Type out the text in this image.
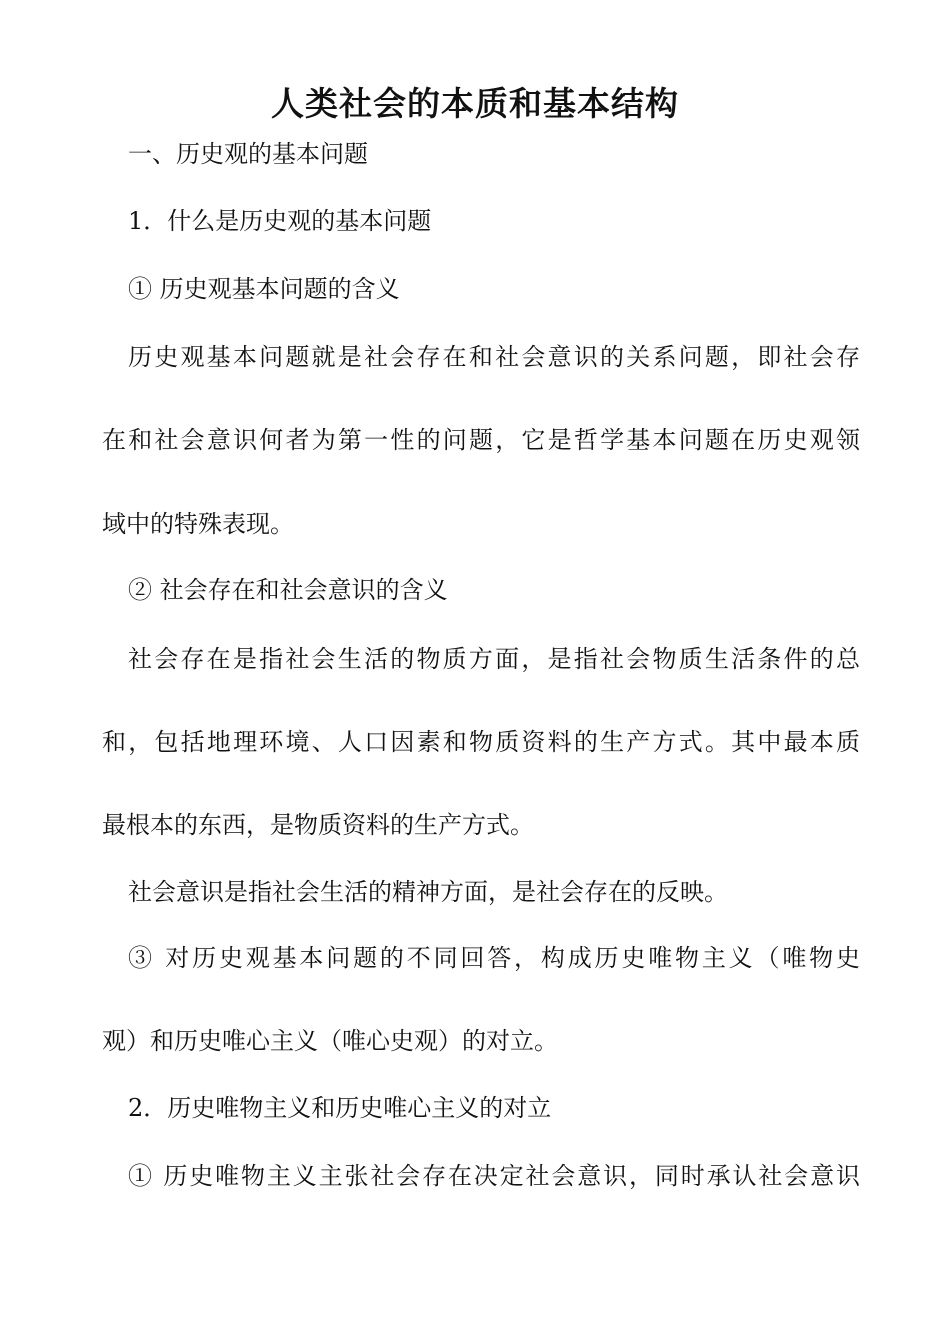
人类社会的本质和基本结构
一、历史观的基本问题
1．什么是历史观的基本问题
① 历史观基本问题的含义
历史观基本问题就是社会存在和社会意识的关系问题，即社会存
在和社会意识何者为第一性的问题，它是哲学基本问题在历史观领
域中的特殊表现。
② 社会存在和社会意识的含义
社会存在是指社会生活的物质方面，是指社会物质生活条件的总
和，包括地理环境、人口因素和物质资料的生产方式。其中最本质
最根本的东西，是物质资料的生产方式。
社会意识是指社会生活的精神方面，是社会存在的反映。
③ 对历史观基本问题的不同回答，构成历史唯物主义（唯物史
观）和历史唯心主义（唯心史观）的对立。
2．历史唯物主义和历史唯心主义的对立
① 历史唯物主义主张社会存在决定社会意识，同时承认社会意识
